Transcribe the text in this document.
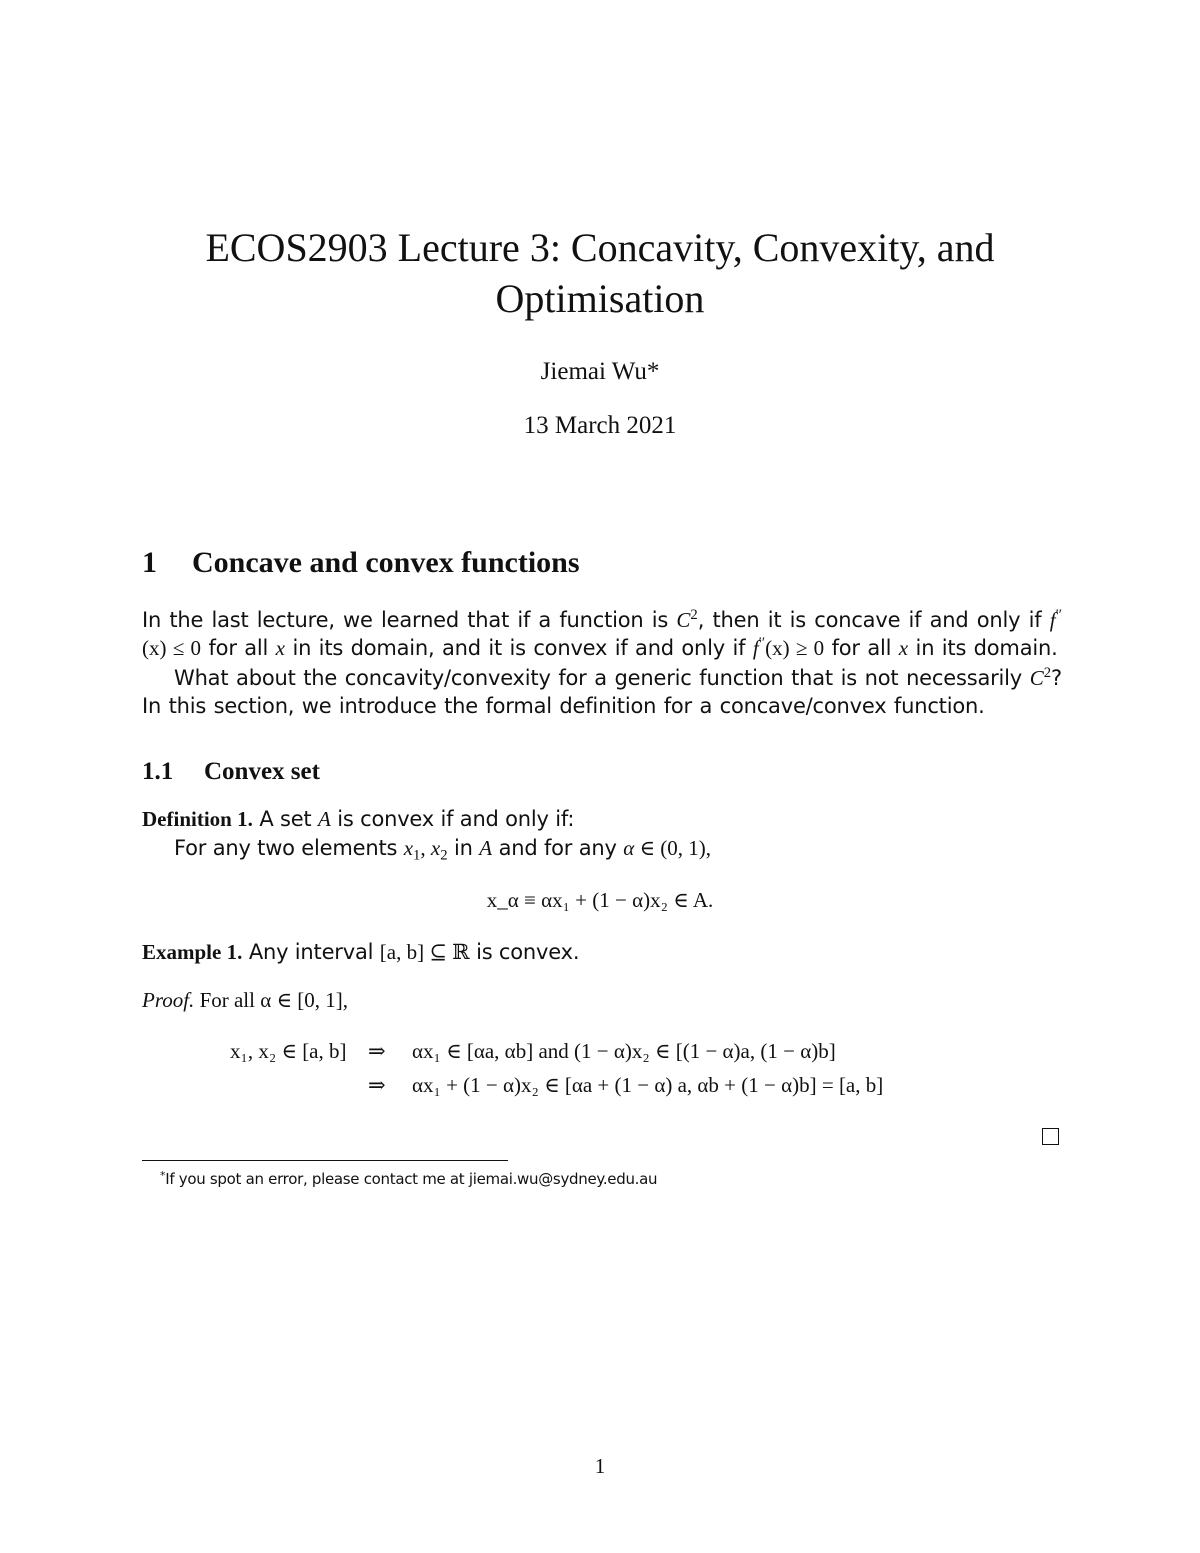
ECOS2903 Lecture 3: Concavity, Convexity, and Optimisation
Jiemai Wu*
13 March 2021
1 Concave and convex functions
In the last lecture, we learned that if a function is $C^2$, then it is concave if and only if f′′(x) ≤ 0 for all x in its domain, and it is convex if and only if f′′(x) ≥ 0 for all x in its domain.
What about the concavity/convexity for a generic function that is not necessarily $C^2$? In this section, we introduce the formal definition for a concave/convex function.
1.1 Convex set
Definition 1. A set A is convex if and only if:
For any two elements $x_1$, $x_2$ in A and for any α ∈ (0, 1),
x_α ≡ αx₁ + (1 − α)x₂ ∈ A.
Example 1. Any interval [a, b] ⊆ ℝ is convex.
Proof. For all α ∈ [0, 1],
x₁, x₂ ∈ [a, b] ⇒ αx₁ ∈ [αa, αb] and (1 − α)x₂ ∈ [(1 − α)a, (1 − α)b]
⇒ αx₁ + (1 − α)x₂ ∈ [αa + (1 − α) a, αb + (1 − α)b] = [a, b]
*If you spot an error, please contact me at jiemai.wu@sydney.edu.au
1
